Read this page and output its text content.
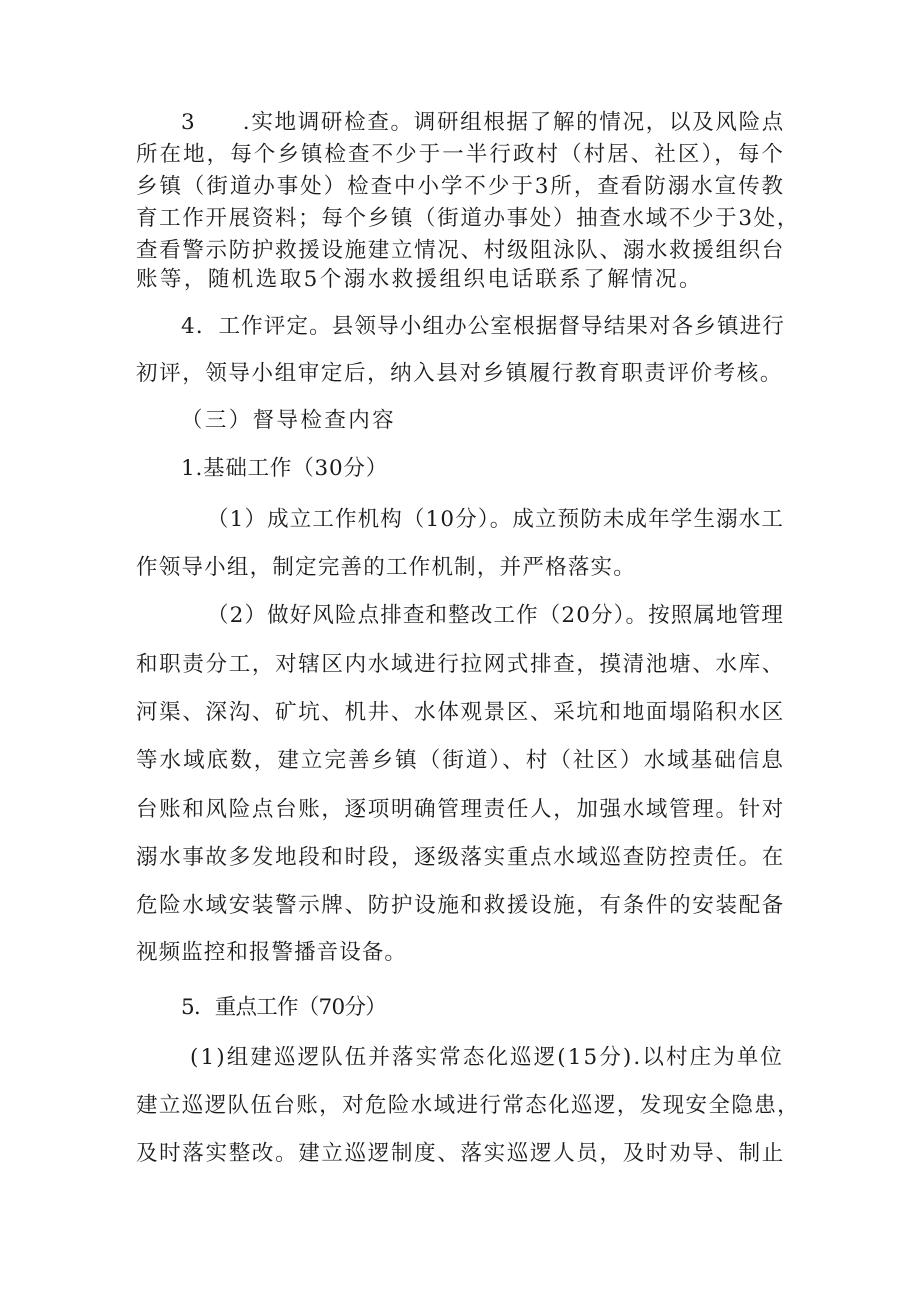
3　　.实地调研检查。调研组根据了解的情况，以及风险点
所在地，每个乡镇检查不少于一半行政村（村居、社区），每个
乡镇（街道办事处）检查中小学不少于3所，查看防溺水宣传教
育工作开展资料；每个乡镇（街道办事处）抽查水域不少于3处，
查看警示防护救援设施建立情况、村级阻泳队、溺水救援组织台
账等，随机选取5个溺水救援组织电话联系了解情况。
4．工作评定。县领导小组办公室根据督导结果对各乡镇进行
初评，领导小组审定后，纳入县对乡镇履行教育职责评价考核。
（三）督导检查内容
1.基础工作（30分）
（1）成立工作机构（10分）。成立预防未成年学生溺水工
作领导小组，制定完善的工作机制，并严格落实。
（2）做好风险点排查和整改工作（20分）。按照属地管理
和职责分工，对辖区内水域进行拉网式排查，摸清池塘、水库、
河渠、深沟、矿坑、机井、水体观景区、采坑和地面塌陷积水区
等水域底数，建立完善乡镇（街道）、村（社区）水域基础信息
台账和风险点台账，逐项明确管理责任人，加强水域管理。针对
溺水事故多发地段和时段，逐级落实重点水域巡查防控责任。在
危险水域安装警示牌、防护设施和救援设施，有条件的安装配备
视频监控和报警播音设备。
5．重点工作（70分）
(1)组建巡逻队伍并落实常态化巡逻(15分).以村庄为单位
建立巡逻队伍台账，对危险水域进行常态化巡逻，发现安全隐患，
及时落实整改。建立巡逻制度、落实巡逻人员，及时劝导、制止
